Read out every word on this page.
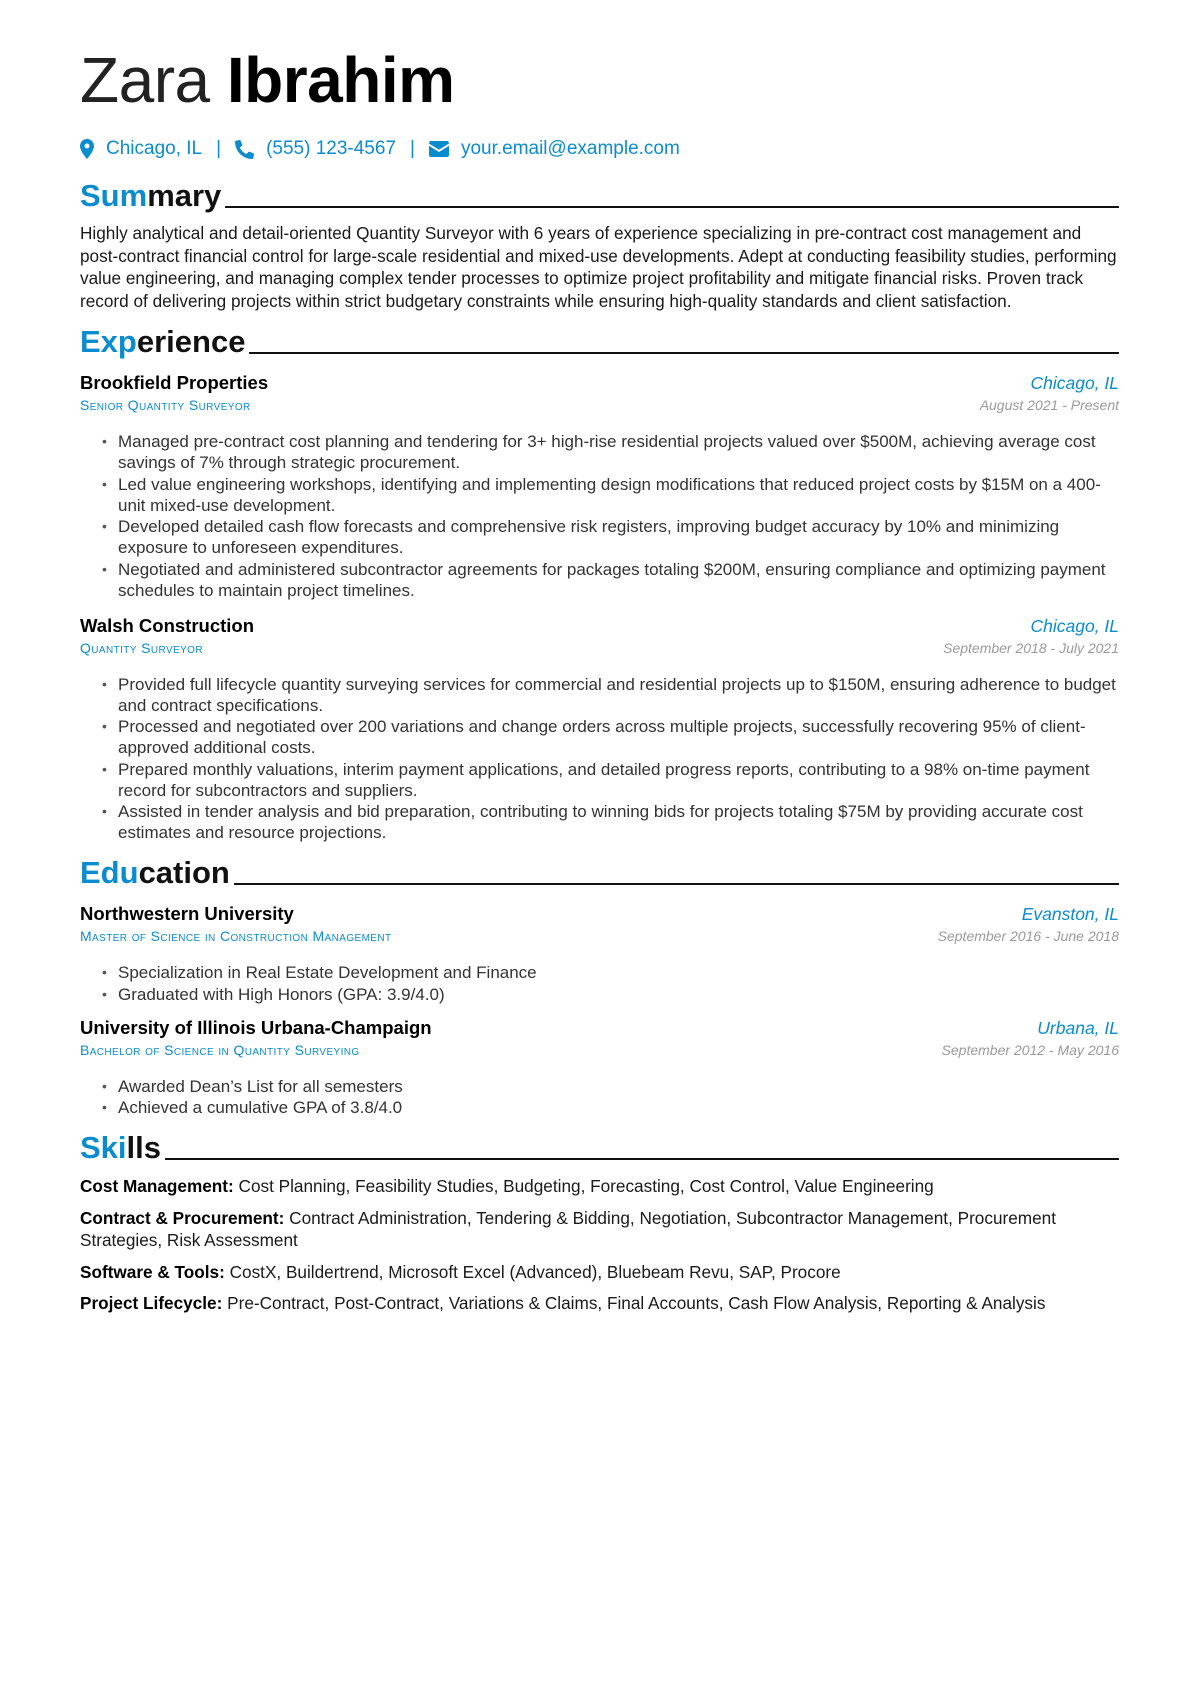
Zara Ibrahim
Chicago, IL | (555) 123-4567 | your.email@example.com
Summary

Highly analytical and detail-oriented Quantity Surveyor with 6 years of experience specializing in pre-contract cost management and post-contract financial control for large-scale residential and mixed-use developments. Adept at conducting feasibility studies, performing value engineering, and managing complex tender processes to optimize project profitability and mitigate financial risks. Proven track record of delivering projects within strict budgetary constraints while ensuring high-quality standards and client satisfaction.

Experience
Brookfield Properties	Chicago, IL
Senior Quantity Surveyor	August 2021 - Present
• Managed pre-contract cost planning and tendering for 3+ high-rise residential projects valued over $500M, achieving average cost savings of 7% through strategic procurement.
• Led value engineering workshops, identifying and implementing design modifications that reduced project costs by $15M on a 400-unit mixed-use development.
• Developed detailed cash flow forecasts and comprehensive risk registers, improving budget accuracy by 10% and minimizing exposure to unforeseen expenditures.
• Negotiated and administered subcontractor agreements for packages totaling $200M, ensuring compliance and optimizing payment schedules to maintain project timelines.
Walsh Construction	Chicago, IL
Quantity Surveyor	September 2018 - July 2021
• Provided full lifecycle quantity surveying services for commercial and residential projects up to $150M, ensuring adherence to budget and contract specifications.
• Processed and negotiated over 200 variations and change orders across multiple projects, successfully recovering 95% of client-approved additional costs.
• Prepared monthly valuations, interim payment applications, and detailed progress reports, contributing to a 98% on-time payment record for subcontractors and suppliers.
• Assisted in tender analysis and bid preparation, contributing to winning bids for projects totaling $75M by providing accurate cost estimates and resource projections.
Education
Northwestern University	Evanston, IL
Master of Science in Construction Management	September 2016 - June 2018
• Specialization in Real Estate Development and Finance
• Graduated with High Honors (GPA: 3.9/4.0)
University of Illinois Urbana-Champaign	Urbana, IL
Bachelor of Science in Quantity Surveying	September 2012 - May 2016
• Awarded Dean’s List for all semesters
• Achieved a cumulative GPA of 3.8/4.0
Skills
Cost Management: Cost Planning, Feasibility Studies, Budgeting, Forecasting, Cost Control, Value Engineering
Contract & Procurement: Contract Administration, Tendering & Bidding, Negotiation, Subcontractor Management, Procurement Strategies, Risk Assessment
Software & Tools: CostX, Buildertrend, Microsoft Excel (Advanced), Bluebeam Revu, SAP, Procore
Project Lifecycle: Pre-Contract, Post-Contract, Variations & Claims, Final Accounts, Cash Flow Analysis, Reporting & Analysis
